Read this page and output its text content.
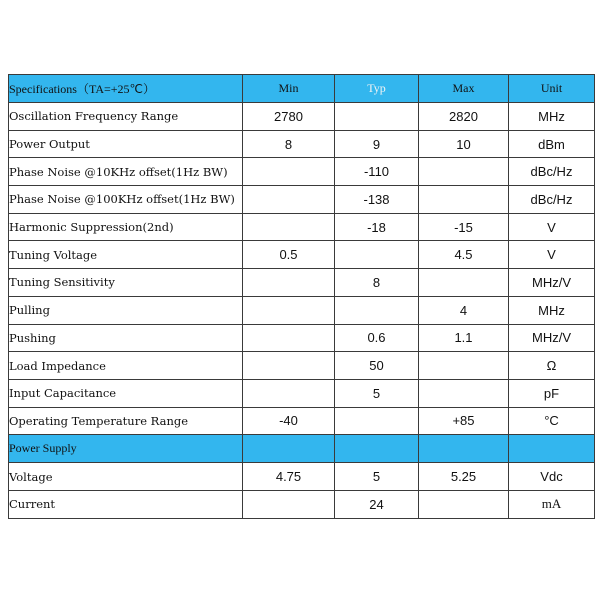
Specifications（TA=+25℃）	Min	Typ	Max	Unit
Oscillation Frequency Range	2780		2820	MHz
Power Output	8	9	10	dBm
Phase Noise @10KHz offset(1Hz BW)		-110		dBc/Hz
Phase Noise @100KHz offset(1Hz BW)		-138		dBc/Hz
Harmonic Suppression(2nd)		-18	-15	V
Tuning Voltage	0.5		4.5	V
Tuning Sensitivity		8		MHz/V
Pulling			4	MHz
Pushing		0.6	1.1	MHz/V
Load Impedance		50		Ω
Input Capacitance		5		pF
Operating Temperature Range	-40		+85	°C
Power Supply				
Voltage	4.75	5	5.25	Vdc
Current		24		mA
